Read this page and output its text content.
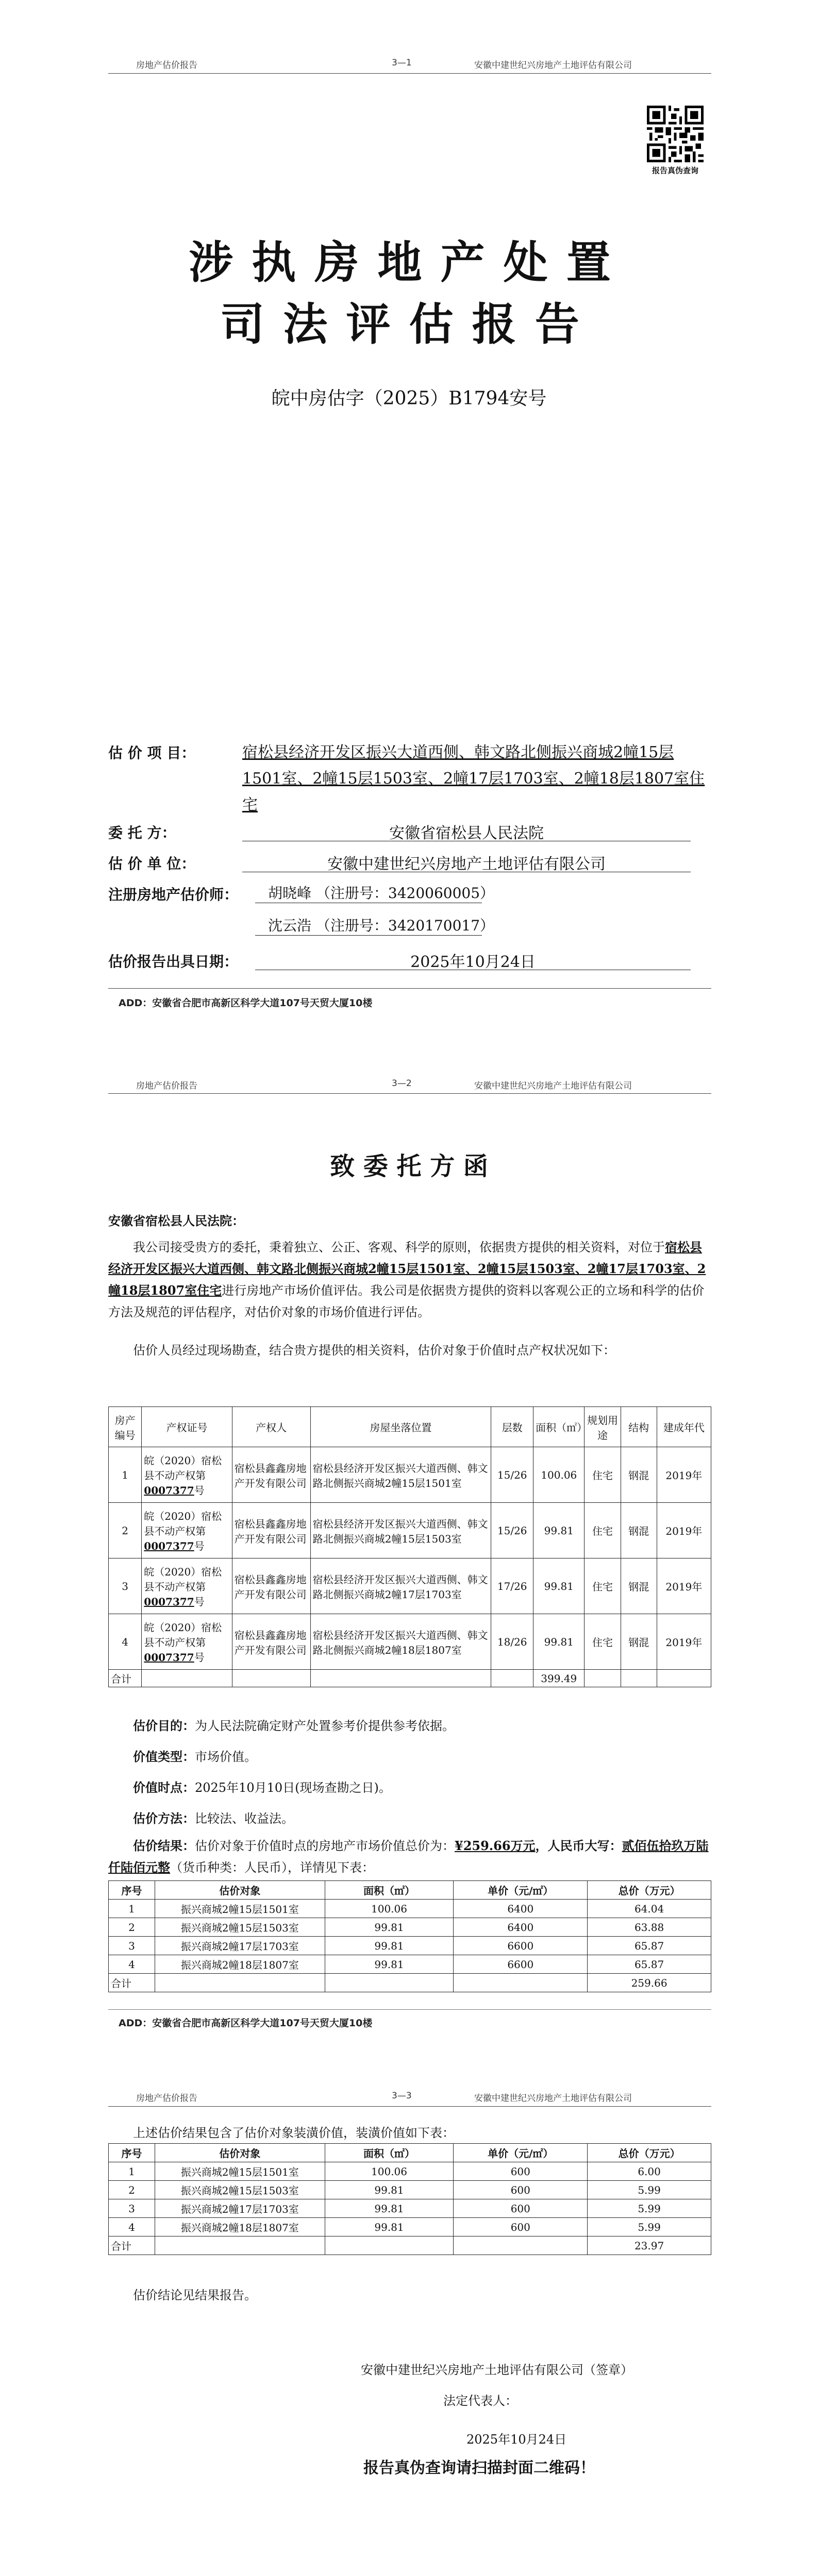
房地产估价报告	3—1	安徽中建世纪兴房地产土地评估有限公司
报告真伪查询
涉执房地产处置
司法评估报告
皖中房估字（2025）B1794安号
估 价 项 目：	宿松县经济开发区振兴大道西侧、韩文路北侧振兴商城2幢15层1501室、2幢15层1503室、2幢17层1703室、2幢18层1807室住宅
委 托 方：	安徽省宿松县人民法院
估 价 单 位：	安徽中建世纪兴房地产土地评估有限公司
注册房地产估价师： 胡晓峰 （注册号：3420060005）
沈云浩 （注册号：3420170017）
估价报告出具日期：	2025年10月24日
ADD：安徽省合肥市高新区科学大道107号天贸大厦10楼
房地产估价报告	3—2	安徽中建世纪兴房地产土地评估有限公司
致 委 托 方 函
安徽省宿松县人民法院：

我公司接受贵方的委托，秉着独立、公正、客观、科学的原则，依据贵方提供的相关资料，对位于宿松县经济开发区振兴大道西侧、韩文路北侧振兴商城2幢15层1501室、2幢15层1503室、2幢17层1703室、2幢18层1807室住宅进行房地产市场价值评估。我公司是依据贵方提供的资料以客观公正的立场和科学的估价方法及规范的评估程序，对估价对象的市场价值进行评估。

估价人员经过现场勘查，结合贵方提供的相关资料，估价对象于价值时点产权状况如下：

房产编号	产权证号	产权人	房屋坐落位置	层数	面积（㎡）	规划用途	结构	建成年代
1	皖（2020）宿松县不动产权第0007377号	宿松县鑫鑫房地产开发有限公司	宿松县经济开发区振兴大道西侧、韩文路北侧振兴商城2幢15层1501室	15/26	100.06	住宅	钢混	2019年
2	皖（2020）宿松县不动产权第0007377号	宿松县鑫鑫房地产开发有限公司	宿松县经济开发区振兴大道西侧、韩文路北侧振兴商城2幢15层1503室	15/26	99.81	住宅	钢混	2019年
3	皖（2020）宿松县不动产权第0007377号	宿松县鑫鑫房地产开发有限公司	宿松县经济开发区振兴大道西侧、韩文路北侧振兴商城2幢17层1703室	17/26	99.81	住宅	钢混	2019年
4	皖（2020）宿松县不动产权第0007377号	宿松县鑫鑫房地产开发有限公司	宿松县经济开发区振兴大道西侧、韩文路北侧振兴商城2幢18层1807室	18/26	99.81	住宅	钢混	2019年
合计					399.49			
估价目的：为人民法院确定财产处置参考价提供参考依据。
价值类型：市场价值。
价值时点：2025年10月10日(现场查勘之日)。
估价方法：比较法、收益法。

估价结果：估价对象于价值时点的房地产市场价值总价为：¥259.66万元，人民币大写：贰佰伍拾玖万陆仟陆佰元整（货币种类：人民币），详情见下表：

序号	估价对象	面积（㎡）	单价（元/㎡）	总价（万元）
1	振兴商城2幢15层1501室	100.06	6400	64.04
2	振兴商城2幢15层1503室	99.81	6400	63.88
3	振兴商城2幢17层1703室	99.81	6600	65.87
4	振兴商城2幢18层1807室	99.81	6600	65.87
合计				259.66
ADD：安徽省合肥市高新区科学大道107号天贸大厦10楼
房地产估价报告	3—3	安徽中建世纪兴房地产土地评估有限公司
上述估价结果包含了估价对象装潢价值，装潢价值如下表：
序号	估价对象	面积（㎡）	单价（元/㎡）	总价（万元）
1	振兴商城2幢15层1501室	100.06	600	6.00
2	振兴商城2幢15层1503室	99.81	600	5.99
3	振兴商城2幢17层1703室	99.81	600	5.99
4	振兴商城2幢18层1807室	99.81	600	5.99
合计				23.97
估价结论见结果报告。
安徽中建世纪兴房地产土地评估有限公司（签章）
法定代表人：
2025年10月24日
报告真伪查询请扫描封面二维码！
